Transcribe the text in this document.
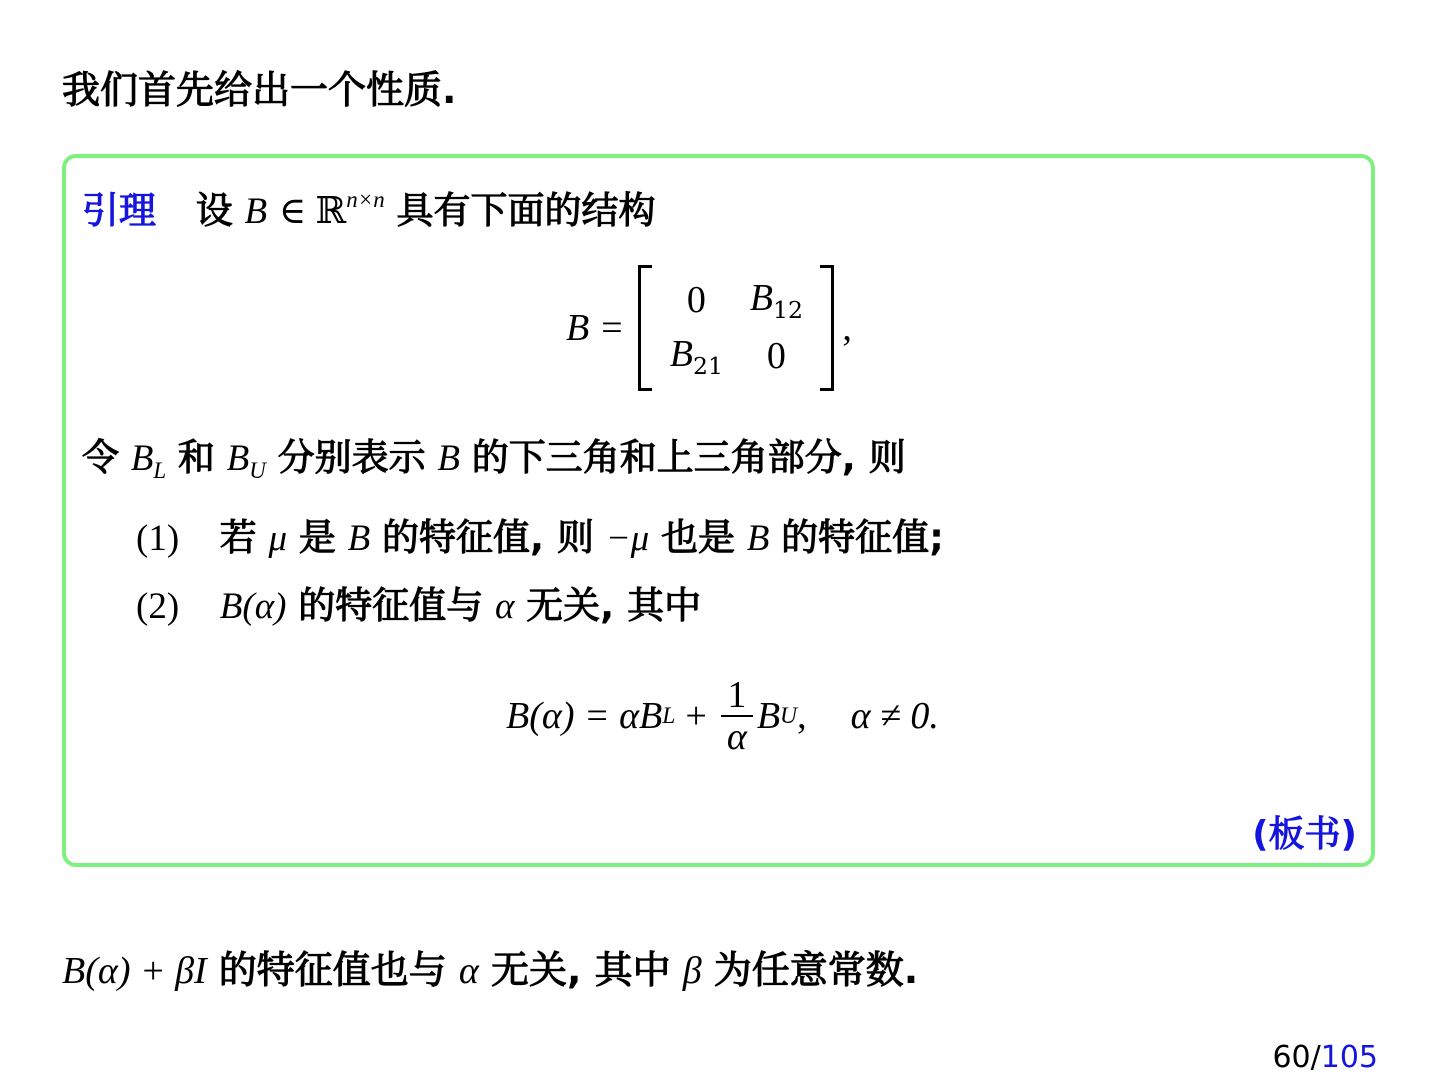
我们首先给出一个性质.
引理 设 B ∈ ℝ$^{n\times n}$ 具有下面的结构
B =
0 $B_{12}$
$B_{21}$ 0
,
令 $B_L$ 和 $B_U$ 分别表示 B 的下三角和上三角部分, 则
(1) 若 μ 是 B 的特征值, 则 −μ 也是 B 的特征值;
(2) B(α) 的特征值与 α 无关, 其中
B(α) = αB $L + \frac{1}{\alpha}$ B U , α ≠ 0.
(板书)
B(α) + βI 的特征值也与 α 无关, 其中 β 为任意常数.
60/105
